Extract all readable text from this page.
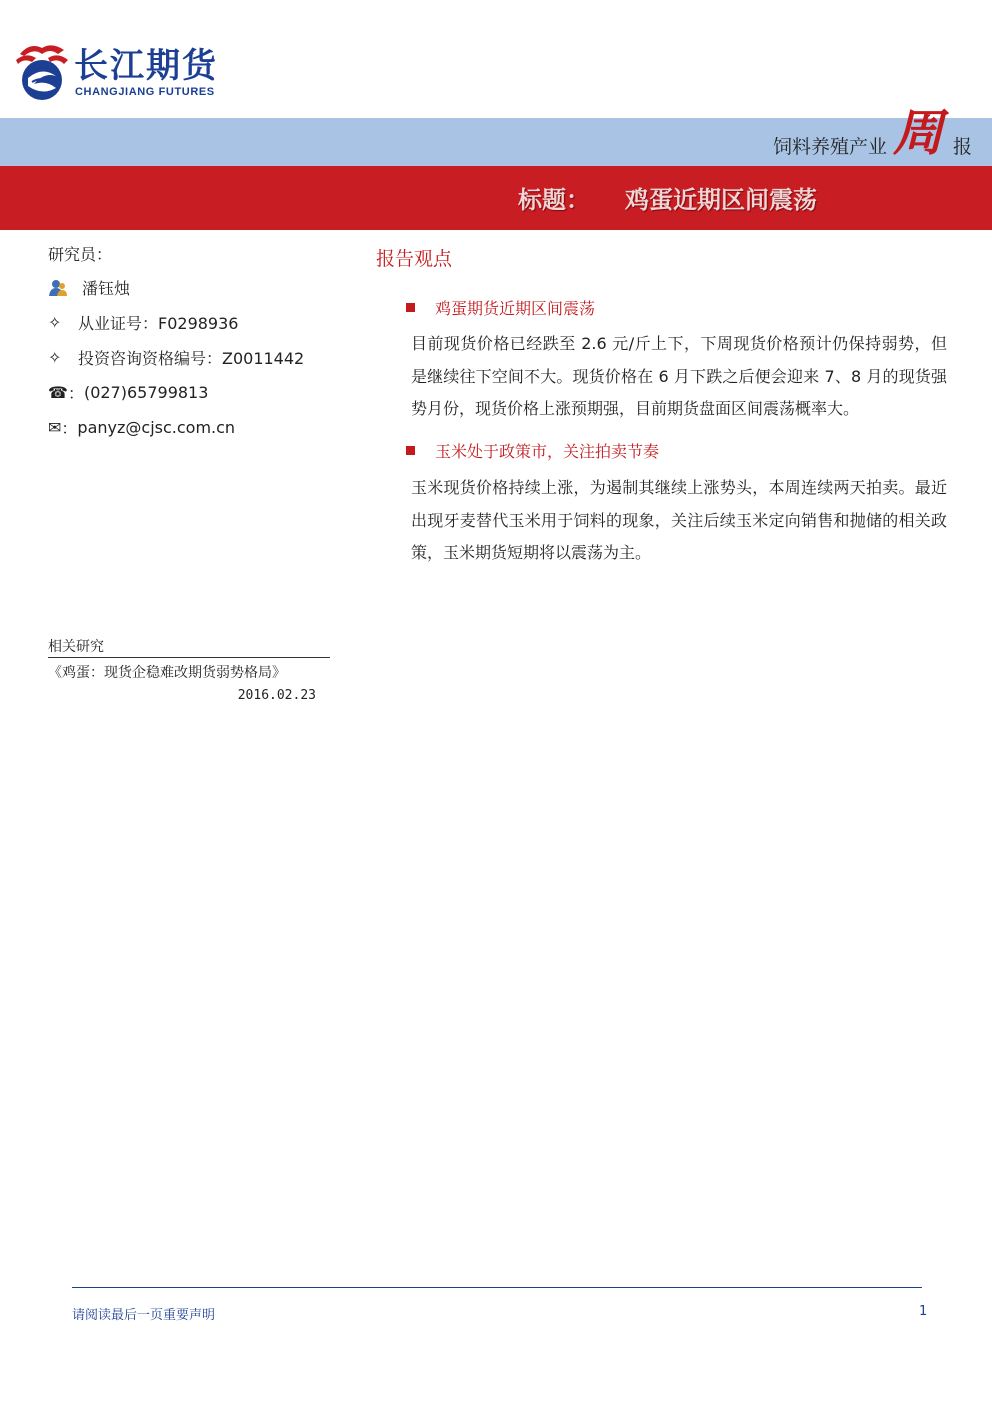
长江期货
CHANGJIANG FUTURES
饲料养殖产业 周 报
标题： 鸡蛋近期区间震荡
研究员：
潘钰烛
✧	从业证号：F0298936
✧	投资咨询资格编号：Z0011442
☎ ： (027)65799813
✉ ： panyz@cjsc.com.cn
相关研究
《鸡蛋：现货企稳难改期货弱势格局》
2016.02.23
报告观点
鸡蛋期货近期区间震荡
目前现货价格已经跌至 2.6 元/斤上下，下周现货价格预计仍保持弱势，但是继续往下空间不大。现货价格在 6 月下跌之后便会迎来 7、8 月的现货强势月份，现货价格上涨预期强，目前期货盘面区间震荡概率大。
玉米处于政策市，关注拍卖节奏
玉米现货价格持续上涨，为遏制其继续上涨势头，本周连续两天拍卖。最近出现牙麦替代玉米用于饲料的现象，关注后续玉米定向销售和抛储的相关政策，玉米期货短期将以震荡为主。
请阅读最后一页重要声明	1
